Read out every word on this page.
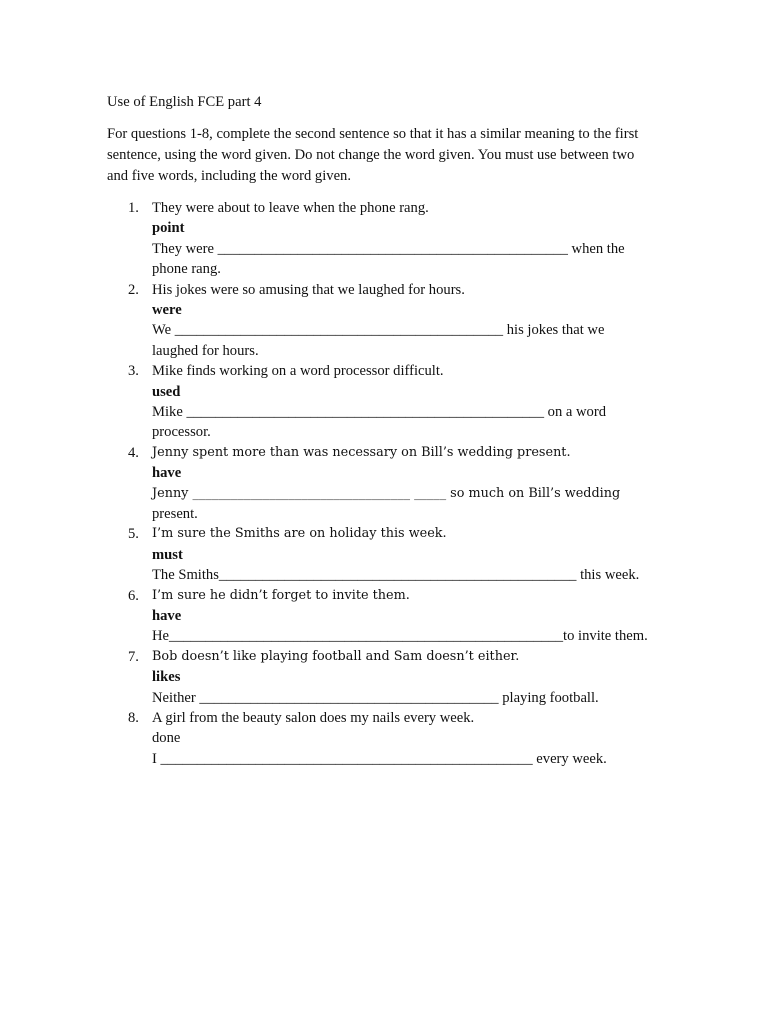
Use of English FCE part 4
For questions 1-8, complete the second sentence so that it has a similar meaning to the first
sentence, using the word given. Do not change the word given. You must use between two
and five words, including the word given.
1. They were about to leave when the phone rang.
point
They were ________________________________________________ when the
phone rang.
2. His jokes were so amusing that we laughed for hours.
were
We _____________________________________________ his jokes that we
laughed for hours.
3. Mike finds working on a word processor difficult.
used
Mike _________________________________________________ on a word
processor.
4. Jenny spent more than was necessary on Bill’s wedding present.
have
Jenny __________________________________ _____ so much on Bill’s wedding
present.
5. I’m sure the Smiths are on holiday this week.
must
The Smiths_________________________________________________ this week.
6. I’m sure he didn’t forget to invite them.
have
He______________________________________________________to invite them.
7. Bob doesn’t like playing football and Sam doesn’t either.
likes
Neither _________________________________________ playing football.
8. A girl from the beauty salon does my nails every week.
done
I ___________________________________________________ every week.
